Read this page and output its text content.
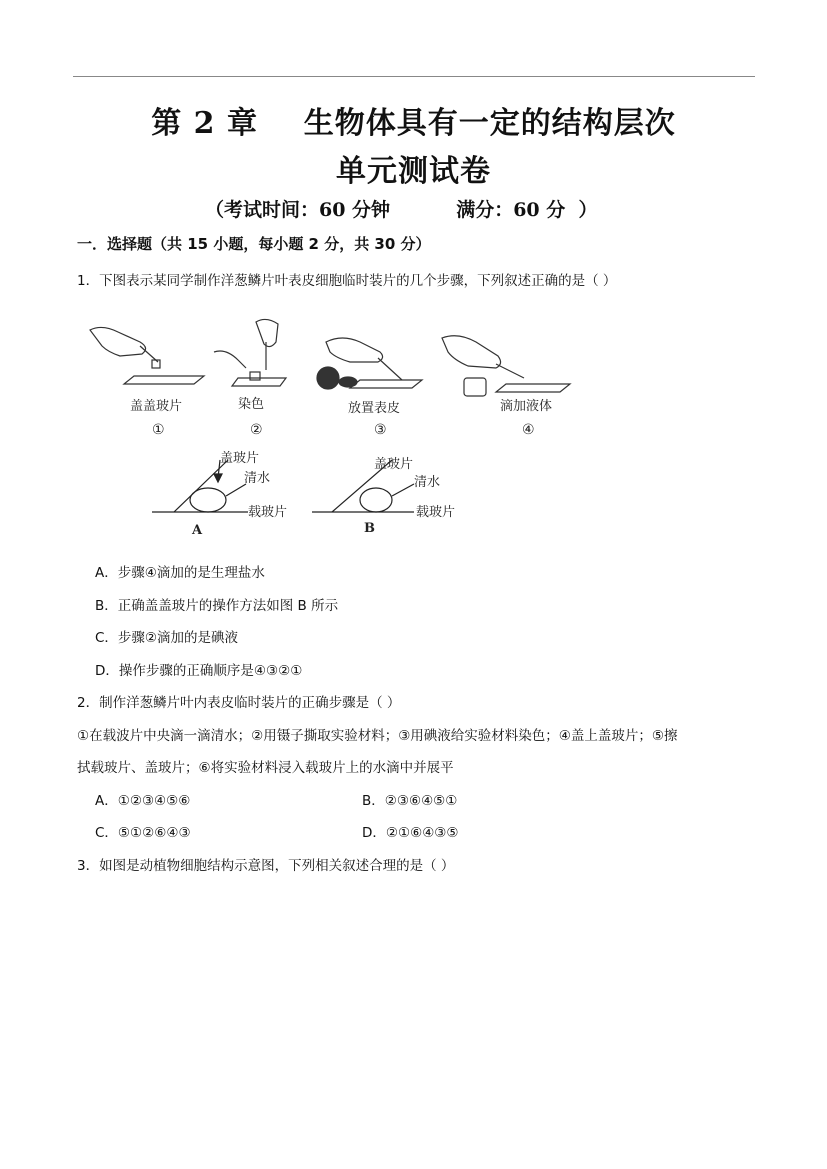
第 2 章    生物体具有一定的结构层次
单元测试卷
（考试时间：60 分钟          满分：60 分  ）
一．选择题（共 15 小题，每小题 2 分，共 30 分）
1．下图表示某同学制作洋葱鳞片叶表皮细胞临时装片的几个步骤，下列叙述正确的是（ ）
盖盖玻片	染色	放置表皮	滴加液体
①	②	③	④
盖玻片
清水
载玻片
A
盖玻片
清水
载玻片
B
A．步骤④滴加的是生理盐水
B．正确盖盖玻片的操作方法如图 B 所示
C．步骤②滴加的是碘液
D．操作步骤的正确顺序是④③②①
2．制作洋葱鳞片叶内表皮临时装片的正确步骤是（ ）
①在载波片中央滴一滴清水；②用镊子撕取实验材料；③用碘液给实验材料染色；④盖上盖玻片；⑤擦
拭载玻片、盖玻片；⑥将实验材料浸入载玻片上的水滴中并展平
A．①②③④⑤⑥	B．②③⑥④⑤①
C．⑤①②⑥④③	D．②①⑥④③⑤
3．如图是动植物细胞结构示意图，下列相关叙述合理的是（ ）
